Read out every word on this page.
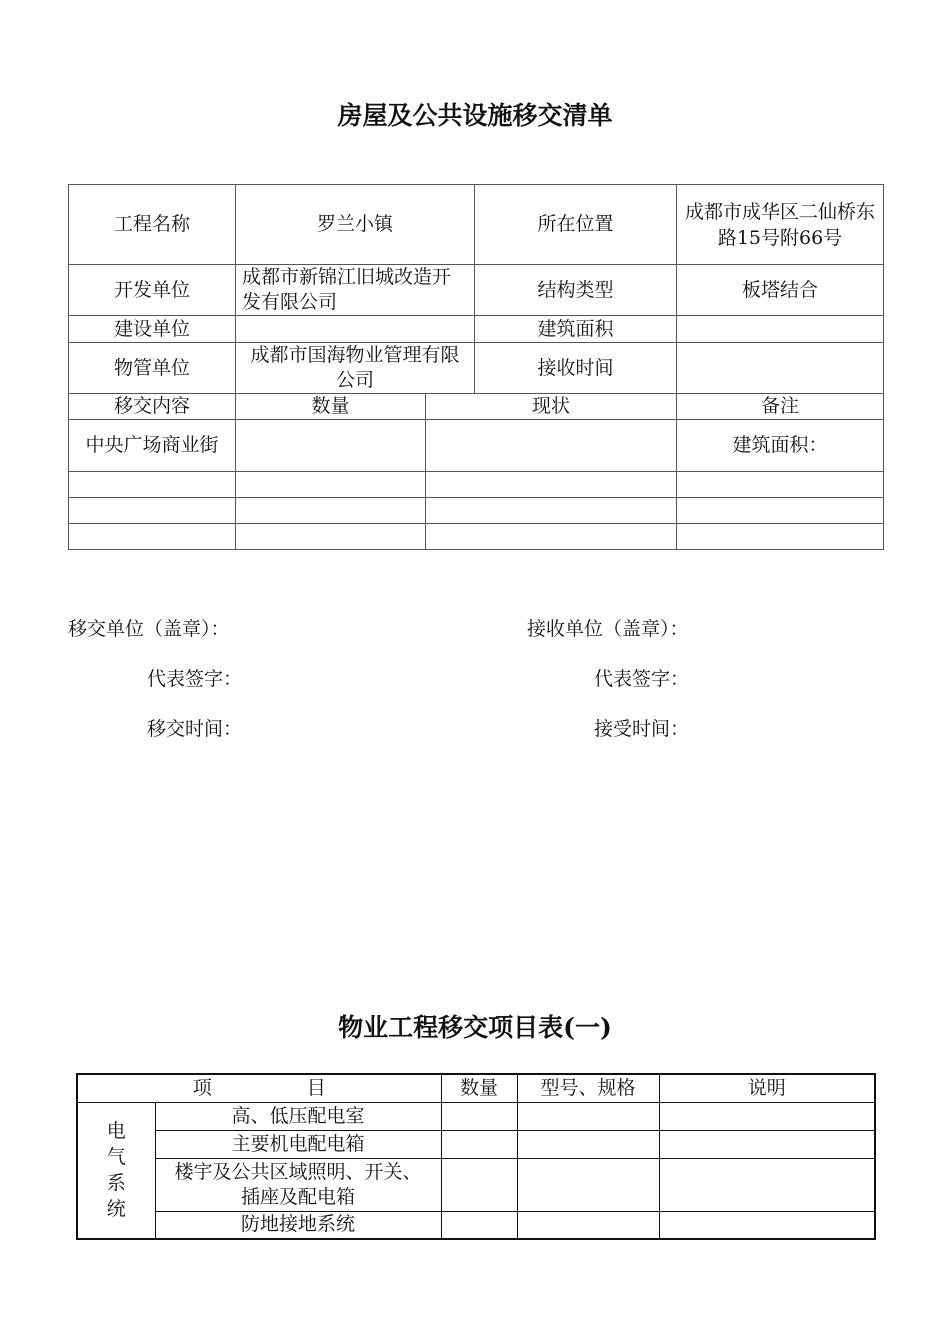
房屋及公共设施移交清单
工程名称	罗兰小镇		所在位置	成都市成华区二仙桥东路15号附66号
开发单位	成都市新锦江旧城改造开发有限公司		结构类型	板塔结合
建设单位			建筑面积	
物管单位	成都市国海物业管理有限公司		接收时间	
移交内容	数量	现状		备注
中央广场商业街				建筑面积：

移交单位（盖章）：	接收单位（盖章）：
代表签字：	代表签字：
移交时间：	接受时间：
物业工程移交项目表(一)
项　　　　　目		数量	型号、规格	说明

电
气
系
统	高、低压配电室			
	主要机电配电箱			
	楼宇及公共区域照明、开关、插座及配电箱			
	防地接地系统			
